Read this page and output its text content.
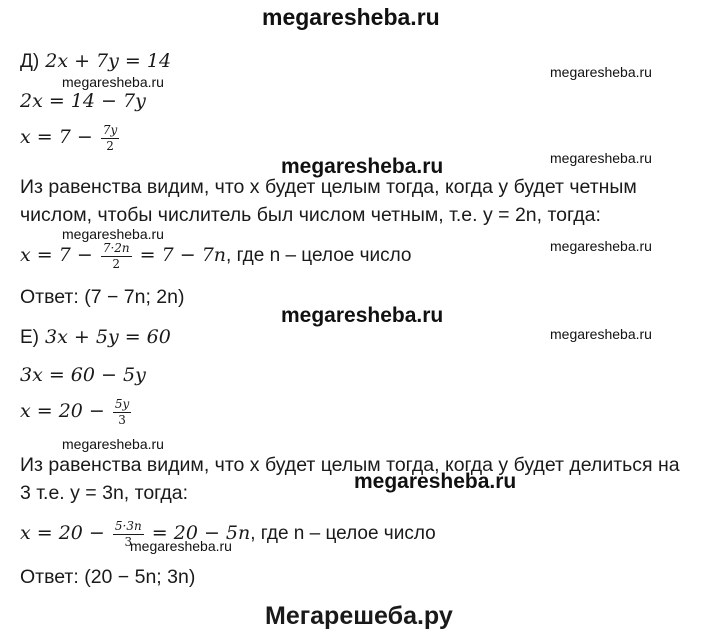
megaresheba.ru
Д) 2x + 7y = 14
megaresheba.ru
megaresheba.ru
2x = 14 − 7y
$x = 7 - \frac{7y}{2}$
megaresheba.ru	megaresheba.ru
Из равенства видим, что x будет целым тогда, когда y будет четным
числом, чтобы числитель был числом четным, т.е. y = 2n, тогда:
megaresheba.ru
megaresheba.ru
$x = 7 - \frac{7\cdot 2n}{2} = 7 - 7n$, где n – целое число
Ответ: (7 − 7n; 2n)
megaresheba.ru
megaresheba.ru
Е) 3x + 5y = 60
3x = 60 − 5y
$x = 20 - \frac{5y}{3}$
megaresheba.ru
Из равенства видим, что x будет целым тогда, когда y будет делиться на
3 т.е. y = 3n, тогда:	megaresheba.ru
$x = 20 - \frac{5\cdot 3n}{3} = 20 - 5n$, где n – целое число
megaresheba.ru
Ответ: (20 − 5n; 3n)
Мегарешеба.ру
